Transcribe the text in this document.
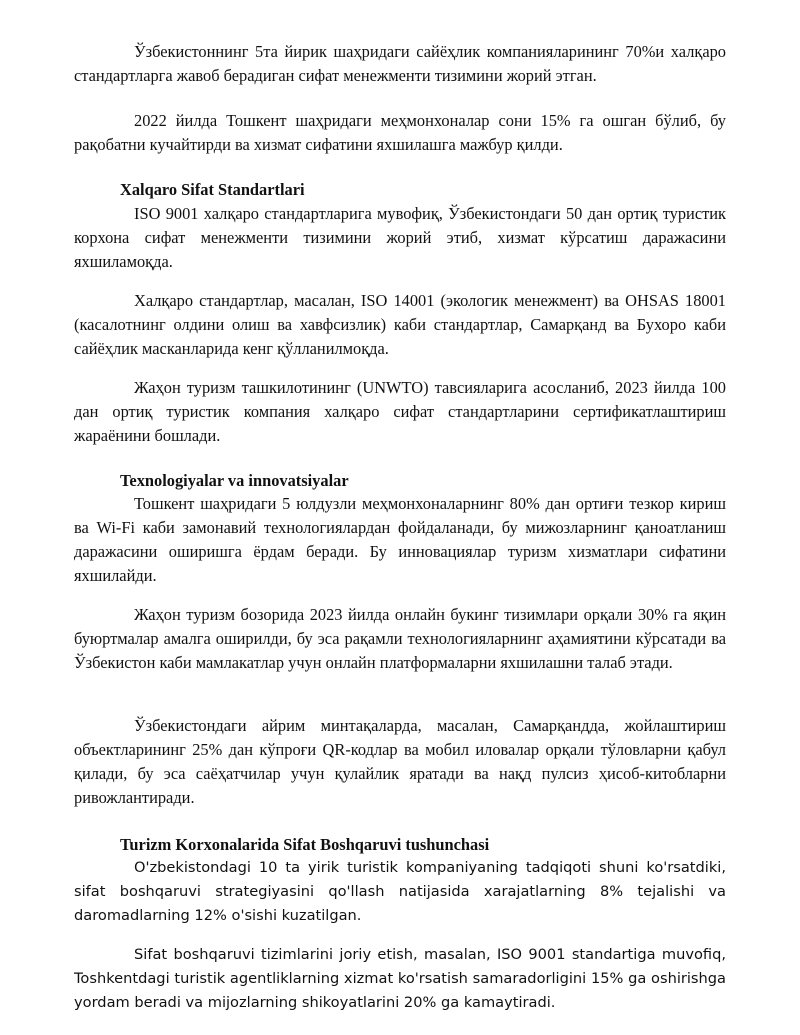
Ўзбекистоннинг 5та йирик шаҳридаги сайёҳлик компанияларининг 70%и халқаро стандартларга жавоб берадиган сифат менежменти тизимини жорий этган.

2022 йилда Тошкент шаҳридаги меҳмонхоналар сони 15% га ошган бўлиб, бу рақобатни кучайтирди ва хизмат сифатини яхшилашга мажбур қилди.

Xalqaro Sifat Standartlari

ISO 9001 халқаро стандартларига мувофиқ, Ўзбекистондаги 50 дан ортиқ туристик корхона сифат менежменти тизимини жорий этиб, хизмат кўрсатиш даражасини яхшиламоқда.

Халқаро стандартлар, масалан, ISO 14001 (экологик менежмент) ва OHSAS 18001 (касалотнинг олдини олиш ва хавфсизлик) каби стандартлар, Самарқанд ва Бухоро каби сайёҳлик масканларида кенг қўлланилмоқда.

Жаҳон туризм ташкилотининг (UNWTO) тавсияларига асосланиб, 2023 йилда 100 дан ортиқ туристик компания халқаро сифат стандартларини сертификатлаштириш жараёнини бошлади.

Texnologiyalar va innovatsiyalar

Тошкент шаҳридаги 5 юлдузли меҳмонхоналарнинг 80% дан ортиғи тезкор кириш ва Wi-Fi каби замонавий технологиялардан фойдаланади, бу мижозларнинг қаноатланиш даражасини оширишга ёрдам беради. Бу инновациялар туризм хизматлари сифатини яхшилайди.

Жаҳон туризм бозорида 2023 йилда онлайн букинг тизимлари орқали 30% га яқин буюртмалар амалга оширилди, бу эса рақамли технологияларнинг аҳамиятини кўрсатади ва Ўзбекистон каби мамлакатлар учун онлайн платформаларни яхшилашни талаб этади.

Ўзбекистондаги айрим минтақаларда, масалан, Самарқандда, жойлаштириш объектларининг 25% дан кўпроғи QR-кодлар ва мобил иловалар орқали тўловларни қабул қилади, бу эса саёҳатчилар учун қулайлик яратади ва нақд пулсиз ҳисоб-китобларни ривожлантиради.

Turizm Korxonalarida Sifat Boshqaruvi tushunchasi

O'zbekistondagi 10 ta yirik turistik kompaniyaning tadqiqoti shuni ko'rsatdiki, sifat boshqaruvi strategiyasini qo'llash natijasida xarajatlarning 8% tejalishi va daromadlarning 12% o'sishi kuzatilgan.

Sifat boshqaruvi tizimlarini joriy etish, masalan, ISO 9001 standartiga muvofiq, Toshkentdagi turistik agentliklarning xizmat ko'rsatish samaradorligini 15% ga oshirishga yordam beradi va mijozlarning shikoyatlarini 20% ga kamaytiradi.
